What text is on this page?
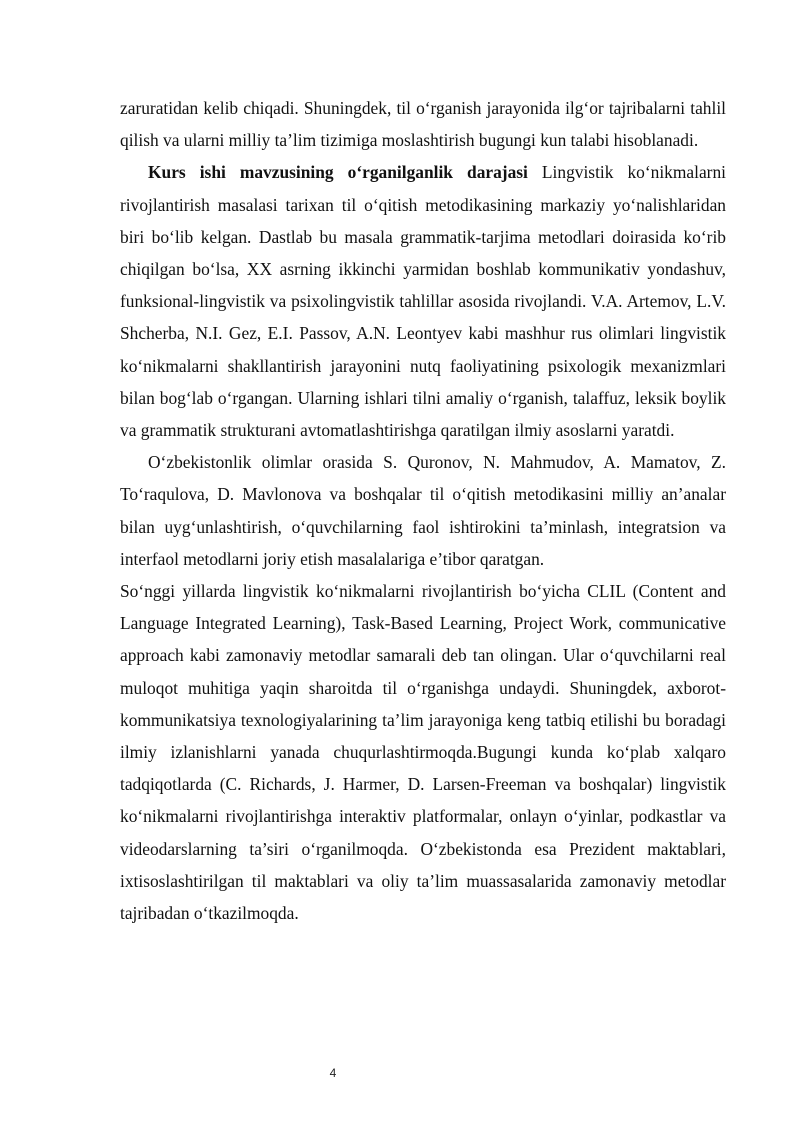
zaruratidan kelib chiqadi. Shuningdek, til o‘rganish jarayonida ilg‘or tajribalarni tahlil qilish va ularni milliy ta’lim tizimiga moslashtirish bugungi kun talabi hisoblanadi.

Kurs ishi mavzusining o‘rganilganlik darajasi Lingvistik ko‘nikmalarni rivojlantirish masalasi tarixan til o‘qitish metodikasining markaziy yo‘nalishlaridan biri bo‘lib kelgan. Dastlab bu masala grammatik-tarjima metodlari doirasida ko‘rib chiqilgan bo‘lsa, XX asrning ikkinchi yarmidan boshlab kommunikativ yondashuv, funksional-lingvistik va psixolingvistik tahlillar asosida rivojlandi. V.A. Artemov, L.V. Shcherba, N.I. Gez, E.I. Passov, A.N. Leontyev kabi mashhur rus olimlari lingvistik ko‘nikmalarni shakllantirish jarayonini nutq faoliyatining psixologik mexanizmlari bilan bog‘lab o‘rgangan. Ularning ishlari tilni amaliy o‘rganish, talaffuz, leksik boylik va grammatik strukturani avtomatlashtirishga qaratilgan ilmiy asoslarni yaratdi.

O‘zbekistonlik olimlar orasida S. Quronov, N. Mahmudov, A. Mamatov, Z. To‘raqulova, D. Mavlonova va boshqalar til o‘qitish metodikasini milliy an’analar bilan uyg‘unlashtirish, o‘quvchilarning faol ishtirokini ta’minlash, integratsion va interfaol metodlarni joriy etish masalalariga e’tibor qaratgan.

So‘nggi yillarda lingvistik ko‘nikmalarni rivojlantirish bo‘yicha CLIL (Content and Language Integrated Learning), Task-Based Learning, Project Work, communicative approach kabi zamonaviy metodlar samarali deb tan olingan. Ular o‘quvchilarni real muloqot muhitiga yaqin sharoitda til o‘rganishga undaydi. Shuningdek, axborot-kommunikatsiya texnologiyalarining ta’lim jarayoniga keng tatbiq etilishi bu boradagi ilmiy izlanishlarni yanada chuqurlashtirmoqda.Bugungi kunda ko‘plab xalqaro tadqiqotlarda (C. Richards, J. Harmer, D. Larsen-Freeman va boshqalar) lingvistik ko‘nikmalarni rivojlantirishga interaktiv platformalar, onlayn o‘yinlar, podkastlar va videodarslarning ta’siri o‘rganilmoqda. O‘zbekistonda esa Prezident maktablari, ixtisoslashtirilgan til maktablari va oliy ta’lim muassasalarida zamonaviy metodlar tajribadan o‘tkazilmoqda.

4
